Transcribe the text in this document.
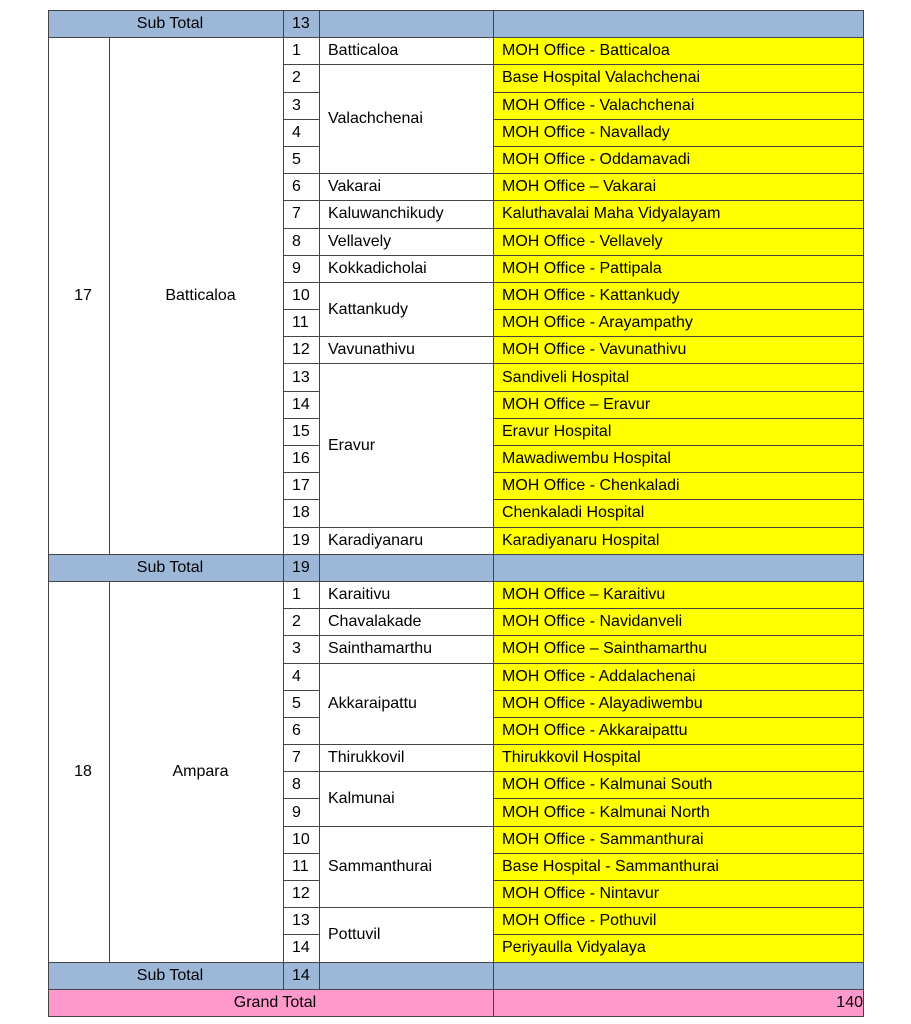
Sub Total		13		
17	Batticaloa	1	Batticaloa	MOH Office - Batticaloa
		2	Valachchenai	Base Hospital Valachchenai
		3		MOH Office - Valachchenai
		4		MOH Office - Navallady
		5		MOH Office - Oddamavadi
		6	Vakarai	MOH Office – Vakarai
		7	Kaluwanchikudy	Kaluthavalai Maha Vidyalayam
		8	Vellavely	MOH Office - Vellavely
		9	Kokkadicholai	MOH Office - Pattipala
		10	Kattankudy	MOH Office - Kattankudy
		11		MOH Office - Arayampathy
		12	Vavunathivu	MOH Office - Vavunathivu
		13	Eravur	Sandiveli Hospital
		14		MOH Office – Eravur
		15		Eravur Hospital
		16		Mawadiwembu Hospital
		17		MOH Office - Chenkaladi
		18		Chenkaladi Hospital
		19	Karadiyanaru	Karadiyanaru Hospital
Sub Total		19		
18	Ampara	1	Karaitivu	MOH Office – Karaitivu
		2	Chavalakade	MOH Office - Navidanveli
		3	Sainthamarthu	MOH Office – Sainthamarthu
		4	Akkaraipattu	MOH Office - Addalachenai
		5		MOH Office - Alayadiwembu
		6		MOH Office - Akkaraipattu
		7	Thirukkovil	Thirukkovil Hospital
		8	Kalmunai	MOH Office - Kalmunai South
		9		MOH Office - Kalmunai North
		10	Sammanthurai	MOH Office - Sammanthurai
		11		Base Hospital - Sammanthurai
		12		MOH Office - Nintavur
		13	Pottuvil	MOH Office - Pothuvil
		14		Periyaulla Vidyalaya
Sub Total		14		
Grand Total				140
